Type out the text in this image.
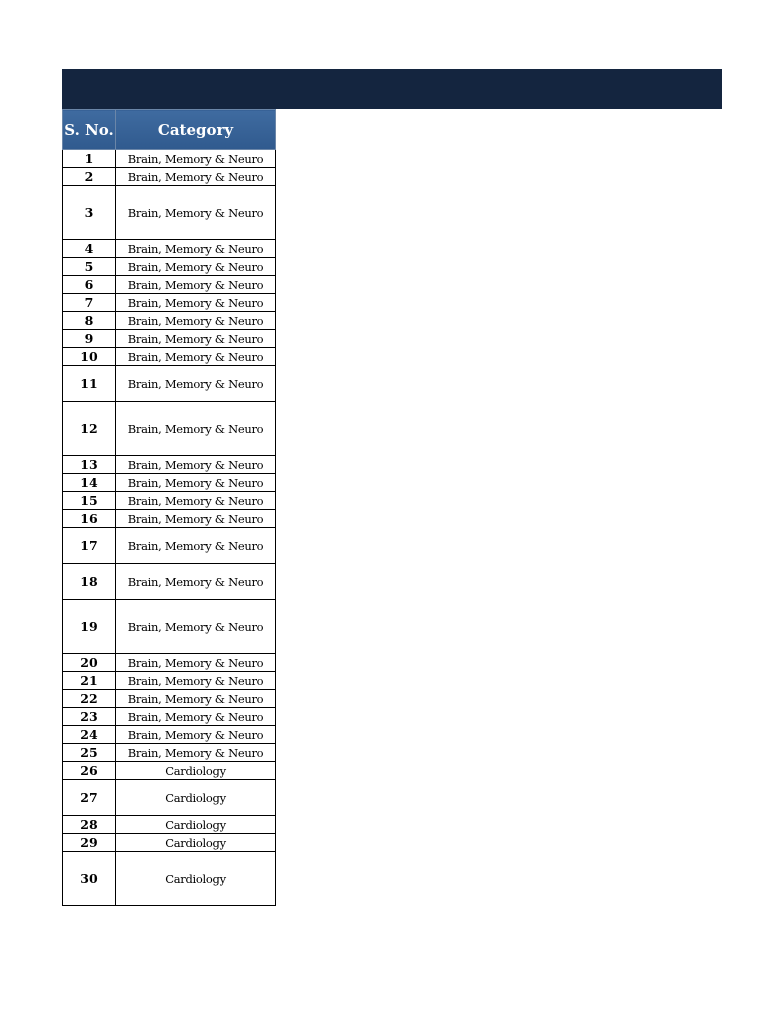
S. No.	Category
1	Brain, Memory & Neuro
2	Brain, Memory & Neuro
3	Brain, Memory & Neuro
4	Brain, Memory & Neuro
5	Brain, Memory & Neuro
6	Brain, Memory & Neuro
7	Brain, Memory & Neuro
8	Brain, Memory & Neuro
9	Brain, Memory & Neuro
10	Brain, Memory & Neuro
11	Brain, Memory & Neuro
12	Brain, Memory & Neuro
13	Brain, Memory & Neuro
14	Brain, Memory & Neuro
15	Brain, Memory & Neuro
16	Brain, Memory & Neuro
17	Brain, Memory & Neuro
18	Brain, Memory & Neuro
19	Brain, Memory & Neuro
20	Brain, Memory & Neuro
21	Brain, Memory & Neuro
22	Brain, Memory & Neuro
23	Brain, Memory & Neuro
24	Brain, Memory & Neuro
25	Brain, Memory & Neuro
26	Cardiology
27	Cardiology
28	Cardiology
29	Cardiology
30	Cardiology
